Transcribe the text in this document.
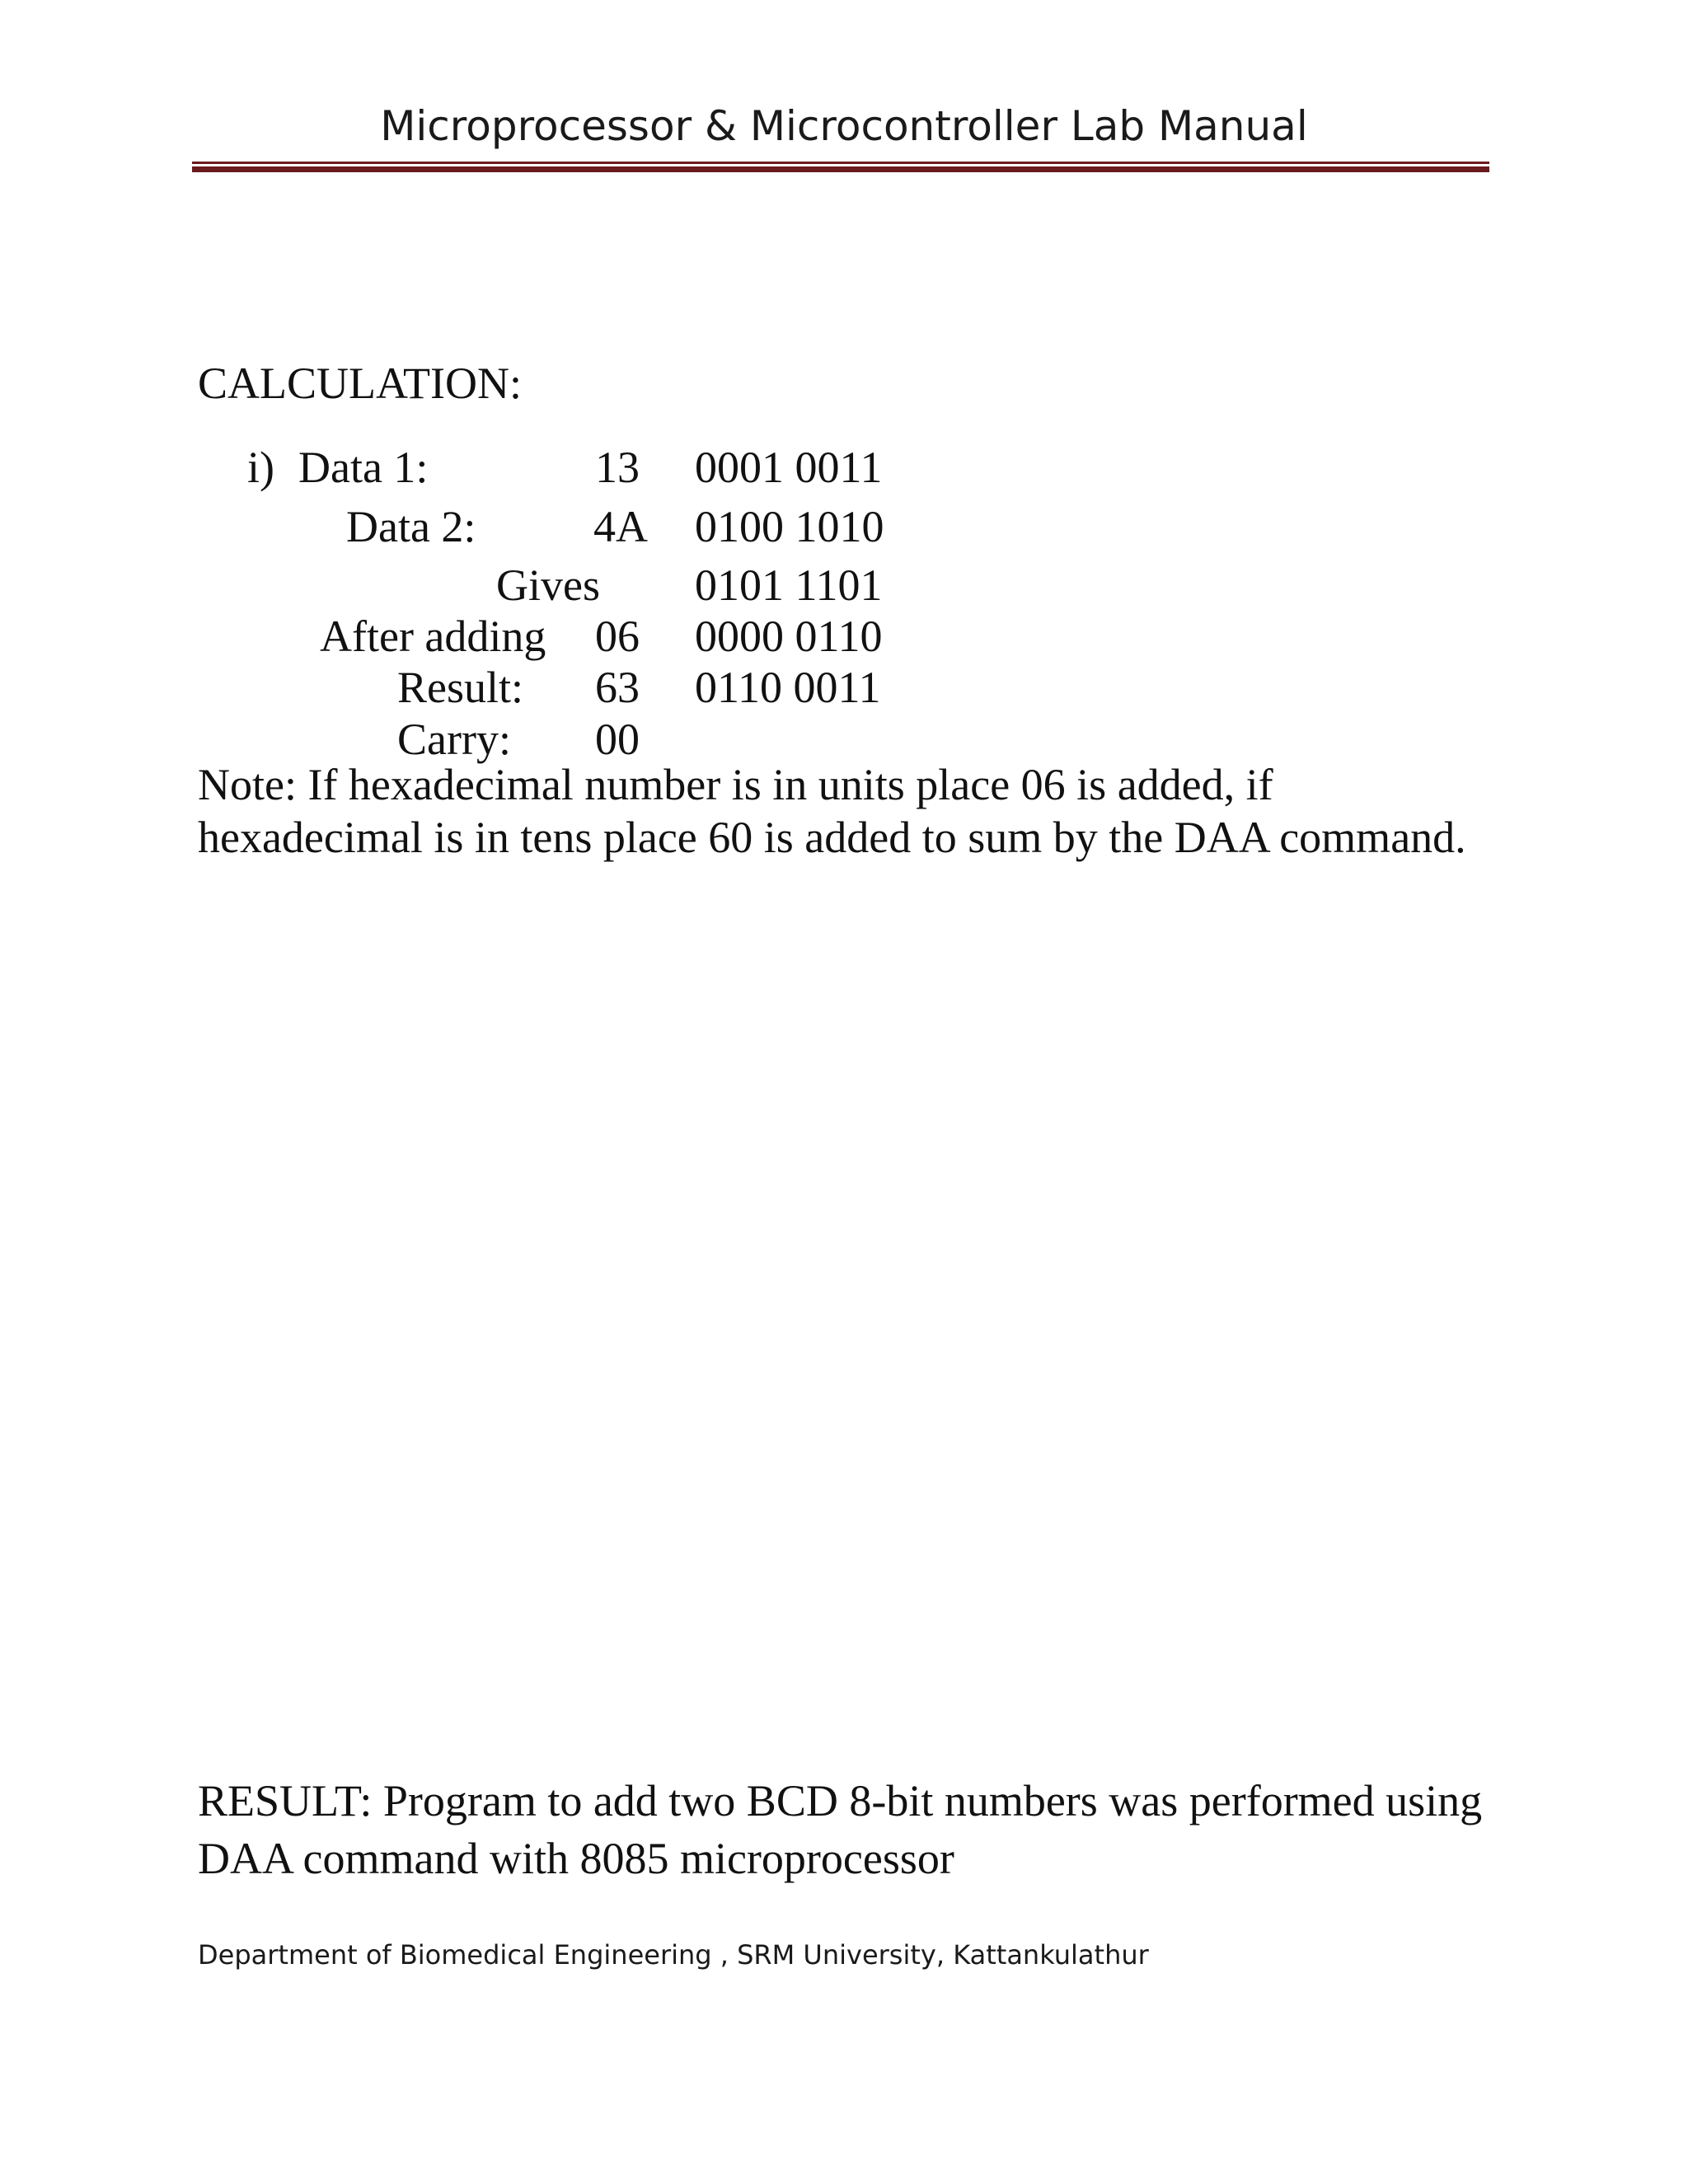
Microprocessor & Microcontroller Lab Manual
CALCULATION:
i) Data 1:	13 0001 0011
Data 2:	4A 0100 1010
Gives 0101 1101
After adding 06 0000 0110
Result: 63 0110 0011
Carry: 00
Note: If hexadecimal number is in units place 06 is added, if
hexadecimal is in tens place 60 is added to sum by the DAA command.
RESULT: Program to add two BCD 8-bit numbers was performed using
DAA command with 8085 microprocessor
Department of Biomedical Engineering , SRM University, Kattankulathur
